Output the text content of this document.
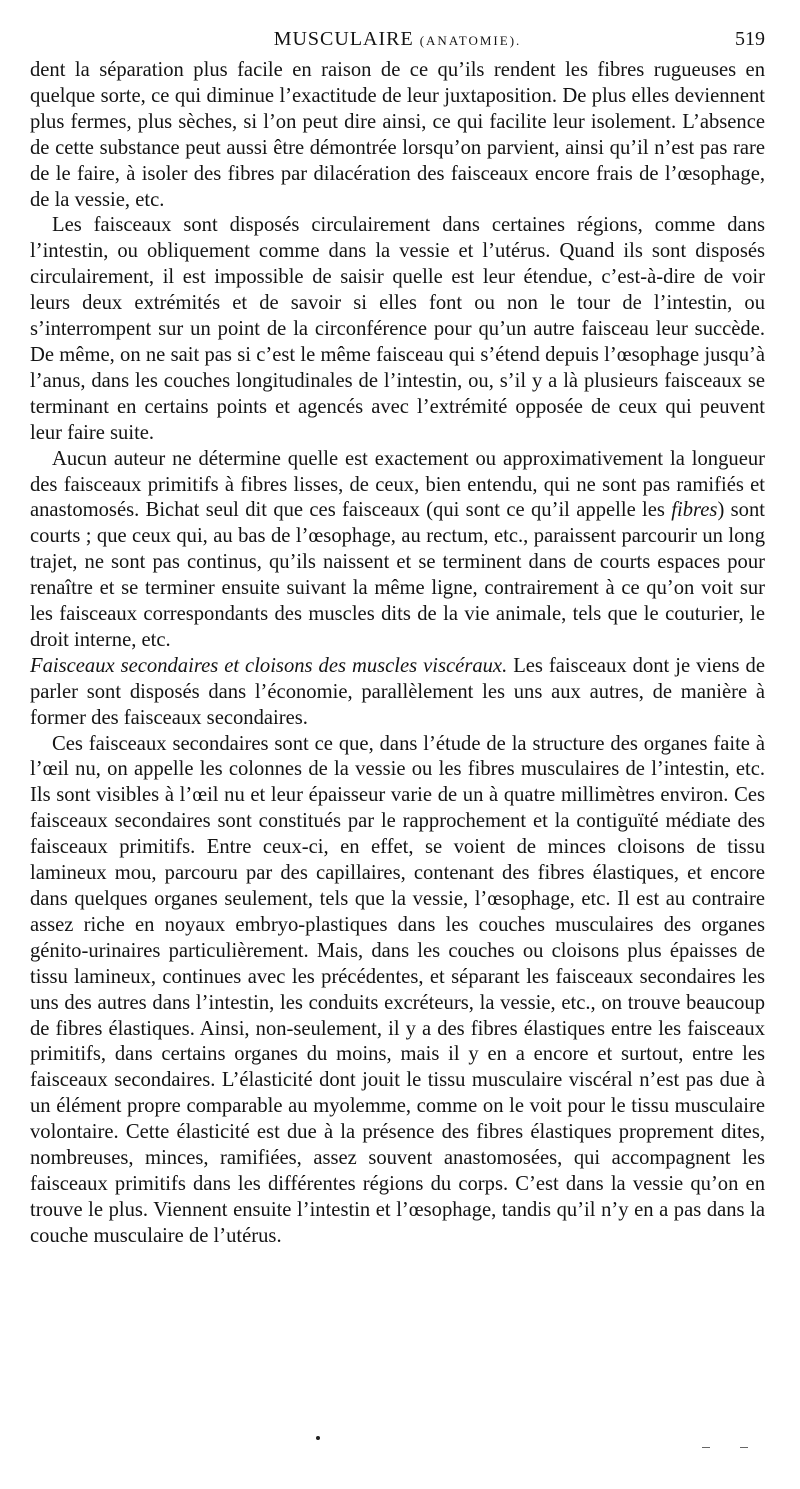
MUSCULAIRE (ANATOMIE).	519

dent la séparation plus facile en raison de ce qu’ils rendent les fibres rugueuses en quelque sorte, ce qui diminue l’exactitude de leur juxtaposition. De plus elles deviennent plus fermes, plus sèches, si l’on peut dire ainsi, ce qui facilite leur isolement. L’absence de cette substance peut aussi être démontrée lorsqu’on parvient, ainsi qu’il n’est pas rare de le faire, à isoler des fibres par dilacération des faisceaux encore frais de l’œsophage, de la vessie, etc.

Les faisceaux sont disposés circulairement dans certaines régions, comme dans l’intestin, ou obliquement comme dans la vessie et l’utérus. Quand ils sont disposés circulairement, il est impossible de saisir quelle est leur étendue, c’est-à-dire de voir leurs deux extrémités et de savoir si elles font ou non le tour de l’intestin, ou s’interrompent sur un point de la circonférence pour qu’un autre faisceau leur succède. De même, on ne sait pas si c’est le même faisceau qui s’étend depuis l’œsophage jusqu’à l’anus, dans les couches longitudinales de l’intestin, ou, s’il y a là plusieurs faisceaux se terminant en certains points et agencés avec l’extrémité opposée de ceux qui peuvent leur faire suite.

Aucun auteur ne détermine quelle est exactement ou approximativement la longueur des faisceaux primitifs à fibres lisses, de ceux, bien entendu, qui ne sont pas ramifiés et anastomosés. Bichat seul dit que ces faisceaux (qui sont ce qu’il appelle les fibres) sont courts ; que ceux qui, au bas de l’œsophage, au rectum, etc., paraissent parcourir un long trajet, ne sont pas continus, qu’ils naissent et se terminent dans de courts espaces pour renaître et se terminer ensuite suivant la même ligne, contrairement à ce qu’on voit sur les faisceaux correspondants des muscles dits de la vie animale, tels que le couturier, le droit interne, etc.

Faisceaux secondaires et cloisons des muscles viscéraux. Les faisceaux dont je viens de parler sont disposés dans l’économie, parallèlement les uns aux autres, de manière à former des faisceaux secondaires.

Ces faisceaux secondaires sont ce que, dans l’étude de la structure des organes faite à l’œil nu, on appelle les colonnes de la vessie ou les fibres musculaires de l’intestin, etc. Ils sont visibles à l’œil nu et leur épaisseur varie de un à quatre millimètres environ. Ces faisceaux secondaires sont constitués par le rapprochement et la contiguïté médiate des faisceaux primitifs. Entre ceux-ci, en effet, se voient de minces cloisons de tissu lamineux mou, parcouru par des capillaires, contenant des fibres élastiques, et encore dans quelques organes seulement, tels que la vessie, l’œsophage, etc. Il est au contraire assez riche en noyaux embryo-plastiques dans les couches musculaires des organes génito-urinaires particulièrement. Mais, dans les couches ou cloisons plus épaisses de tissu lamineux, continues avec les précédentes, et séparant les faisceaux secondaires les uns des autres dans l’intestin, les conduits excréteurs, la vessie, etc., on trouve beaucoup de fibres élastiques. Ainsi, non-seulement, il y a des fibres élastiques entre les faisceaux primitifs, dans certains organes du moins, mais il y en a encore et surtout, entre les faisceaux secondaires. L’élasticité dont jouit le tissu musculaire viscéral n’est pas due à un élément propre comparable au myolemme, comme on le voit pour le tissu musculaire volontaire. Cette élasticité est due à la présence des fibres élastiques proprement dites, nombreuses, minces, ramifiées, assez souvent anastomosées, qui accompagnent les faisceaux primitifs dans les différentes régions du corps. C’est dans la vessie qu’on en trouve le plus. Viennent ensuite l’intestin et l’œsophage, tandis qu’il n’y en a pas dans la couche musculaire de l’utérus.
